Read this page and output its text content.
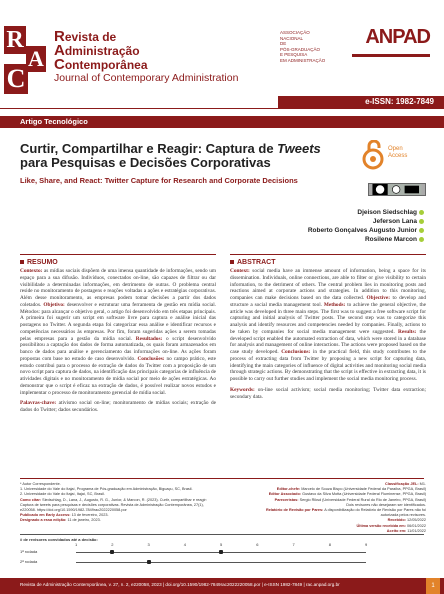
R
A
C
Revista de
Administração
Contemporânea
Journal of Contemporary Administration
ASSOCIAÇÃO
NACIONAL
DE
PÓS-GRADUAÇÃO
E PESQUISA
EM ADMINISTRAÇÃO
ANPAD
e-ISSN: 1982-7849
Artigo Tecnológico
Curtir, Compartilhar e Reagir: Captura de Tweets para Pesquisas e Decisões Corporativas
Like, Share, and React: Twitter Capture for Research and Corporate Decisions
Open
Access
Djeison Siedschlag
Jeferson Lana
Roberto Gonçalves Augusto Junior
Rosilene Marcon
RESUMO

Contexto: as mídias sociais dispõem de uma imensa quantidade de informações, sendo um espaço para a sua difusão. Indivíduos, conectados on-line, são capazes de filtrar ou dar visibilidade a determinadas informações, em detrimento de outras. O problema central reside no monitoramento de postagens e reações voltadas a ações e estratégias corporativas. Além desse monitoramento, as empresas podem tomar decisões a partir dos dados coletados. Objetivo: desenvolver e estruturar uma ferramenta de gestão em mídia social. Métodos: para alcançar o objetivo geral, o artigo foi desenvolvido em três etapas principais. A primeira foi sugerir um script em software livre para captura e análise inicial das postagens no Twitter. A segunda etapa foi categorizar essa análise e identificar recursos e competências necessários às empresas. Por fim, foram sugeridas ações a serem tomadas pelas empresas para a gestão da mídia social. Resultados: o script desenvolvido possibilitou a captação dos dados de forma automatizada, os quais foram armazenados em banco de dados para análise e gerenciamento das informações on-line. As ações foram propostas com base no estudo de caso desenvolvido. Conclusões: no campo prático, este estudo contribui para o processo de extração de dados do Twitter com a proposição de um novo script para captura de dados, na identificação das principais categorias de influência de atividades digitais e no monitoramento de mídia social por meio de ações estratégicas. Ao demonstrar que o script é eficaz na extração de dados, é possível realizar novos estudos e implementar o processo de monitoramento gerencial de mídia social.

Palavras-chave: ativismo social on-line; monitoramento de mídias sociais; extração de dados do Twitter; dados secundários.

ABSTRACT

Context: social media have an immense amount of information, being a space for its dissemination. Individuals, online connections, are able to filter or give visibility to certain information, to the detriment of others. The central problem lies in monitoring posts and reactions aimed at corporate actions and strategies. In addition to this monitoring, companies can make decisions based on the data collected. Objective: to develop and structure a social media management tool. Methods: to achieve the general objective, the article was developed in three main steps. The first was to suggest a free software script for capturing and initial analysis of Twitter posts. The second step was to categorize this analysis and identify resources and competencies needed by companies. Finally, actions to be taken by companies for social media management were suggested. Results: the developed script enabled the automated extraction of data, which were stored in a database for analysis and management of online interactions. The actions were proposed based on the case study developed. Conclusions: in the practical field, this study contributes to the process of extracting data from Twitter by proposing a new script for capturing data, identifying the main categories of influence of digital activities and monitoring social media through strategic actions. By demonstrating that the script is effective in extracting data, it is possible to carry out further studies and implement the social media monitoring process.

Keywords: on-line social activism; social media monitoring; Twitter data extraction; secondary data.

* Autor Correspondente.
1. Universidade do Vale do Itajaí, Programa de Pós-graduação em Administração, Biguaçu, SC, Brasil.
2. Universidade do Vale do Itajaí, Itajaí, SC, Brasil.
Como citar: Siedschlag, D., Lana, J., Augusto, R. G., Junior, & Marcon, R. (2023). Curtir, compartilhar e reagir: Captura de tweets para pesquisas e decisões corporativas. Revista de Administração Contemporânea, 27(1), e220058. https://doi.org/10.1590/1982-7849rac2022220058.por
Publicado em Early Access: 13 de fevereiro, 2023.
Designado a essa edição: 11 de janeiro, 2023.
Classificação JEL: M1.
Editor-chefe: Marcelo de Souza Bispo (Universidade Federal da Paraíba, PPGA, Brasil)
Editor Associado: Gustavo da Silva Motta (Universidade Federal Fluminense, PPGA, Brasil)
Pareceristas: Sergio Riksd (Universidade Federal Rural do Rio de Janeiro, PPGA, Brasil)
Dois revisores não desejaram ser identificados.
Relatório de Revisão por Pares: A disponibilização do Relatório de Revisão por Pares não foi autorizada pelos revisores.
Recebido: 12/05/2022
Última versão recebida em: 06/01/2022
Aceito em: 11/01/2022
# de revisores convidados até a decisão:
1	2	3	4	5	6	7	8	9
1ª rodada
2ª rodada
Revista de Administração Contemporânea, v. 27, n. 2, e220058, 2023 | doi.org/10.1590/1982-7849rac2022220058.por | e-ISSN 1982-7849 | rac.anpad.org.br	1
